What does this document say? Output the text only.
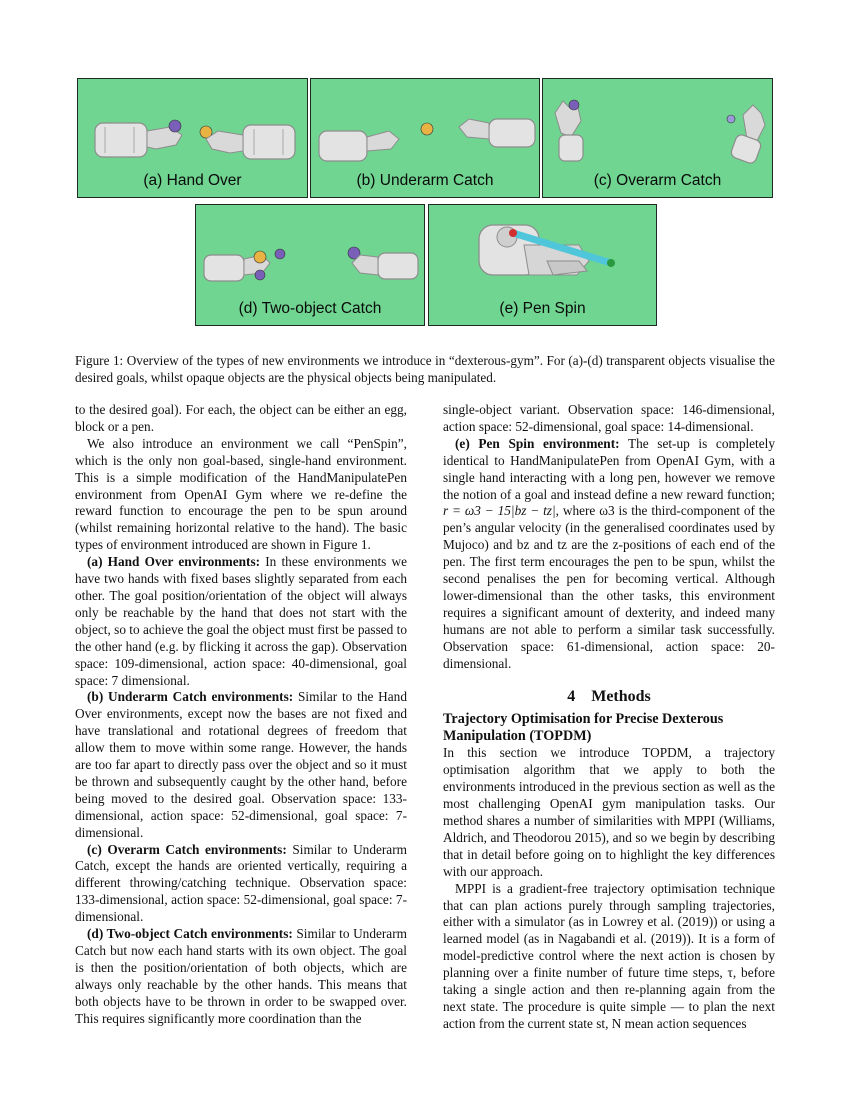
(a) Hand Over	(b) Underarm Catch	(c) Overarm Catch
(d) Two-object Catch	(e) Pen Spin

Figure 1: Overview of the types of new environments we introduce in “dexterous-gym”. For (a)-(d) transparent objects visualise the desired goals, whilst opaque objects are the physical objects being manipulated.

to the desired goal). For each, the object can be either an egg, block or a pen.

We also introduce an environment we call “PenSpin”, which is the only non goal-based, single-hand environment. This is a simple modification of the HandManipulatePen environment from OpenAI Gym where we re-define the reward function to encourage the pen to be spun around (whilst remaining horizontal relative to the hand). The basic types of environment introduced are shown in Figure 1.

(a) Hand Over environments: In these environments we have two hands with fixed bases slightly separated from each other. The goal position/orientation of the object will always only be reachable by the hand that does not start with the object, so to achieve the goal the object must first be passed to the other hand (e.g. by flicking it across the gap). Observation space: 109-dimensional, action space: 40-dimensional, goal space: 7 dimensional.

(b) Underarm Catch environments: Similar to the Hand Over environments, except now the bases are not fixed and have translational and rotational degrees of freedom that allow them to move within some range. However, the hands are too far apart to directly pass over the object and so it must be thrown and subsequently caught by the other hand, before being moved to the desired goal. Observation space: 133-dimensional, action space: 52-dimensional, goal space: 7-dimensional.

(c) Overarm Catch environments: Similar to Underarm Catch, except the hands are oriented vertically, requiring a different throwing/catching technique. Observation space: 133-dimensional, action space: 52-dimensional, goal space: 7-dimensional.

(d) Two-object Catch environments: Similar to Underarm Catch but now each hand starts with its own object. The goal is then the position/orientation of both objects, which are always only reachable by the other hands. This means that both objects have to be thrown in order to be swapped over. This requires significantly more coordination than the

single-object variant. Observation space: 146-dimensional, action space: 52-dimensional, goal space: 14-dimensional.

(e) Pen Spin environment: The set-up is completely identical to HandManipulatePen from OpenAI Gym, with a single hand interacting with a long pen, however we remove the notion of a goal and instead define a new reward function; r = ω3 − 15|bz − tz|, where ω3 is the third-component of the pen’s angular velocity (in the generalised coordinates used by Mujoco) and bz and tz are the z-positions of each end of the pen. The first term encourages the pen to be spun, whilst the second penalises the pen for becoming vertical. Although lower-dimensional than the other tasks, this environment requires a significant amount of dexterity, and indeed many humans are not able to perform a similar task successfully. Observation space: 61-dimensional, action space: 20-dimensional.

4 Methods

Trajectory Optimisation for Precise Dexterous Manipulation (TOPDM)

In this section we introduce TOPDM, a trajectory optimisation algorithm that we apply to both the environments introduced in the previous section as well as the most challenging OpenAI gym manipulation tasks. Our method shares a number of similarities with MPPI (Williams, Aldrich, and Theodorou 2015), and so we begin by describing that in detail before going on to highlight the key differences with our approach.

MPPI is a gradient-free trajectory optimisation technique that can plan actions purely through sampling trajectories, either with a simulator (as in Lowrey et al. (2019)) or using a learned model (as in Nagabandi et al. (2019)). It is a form of model-predictive control where the next action is chosen by planning over a finite number of future time steps, τ, before taking a single action and then re-planning again from the next state. The procedure is quite simple — to plan the next action from the current state st, N mean action sequences
